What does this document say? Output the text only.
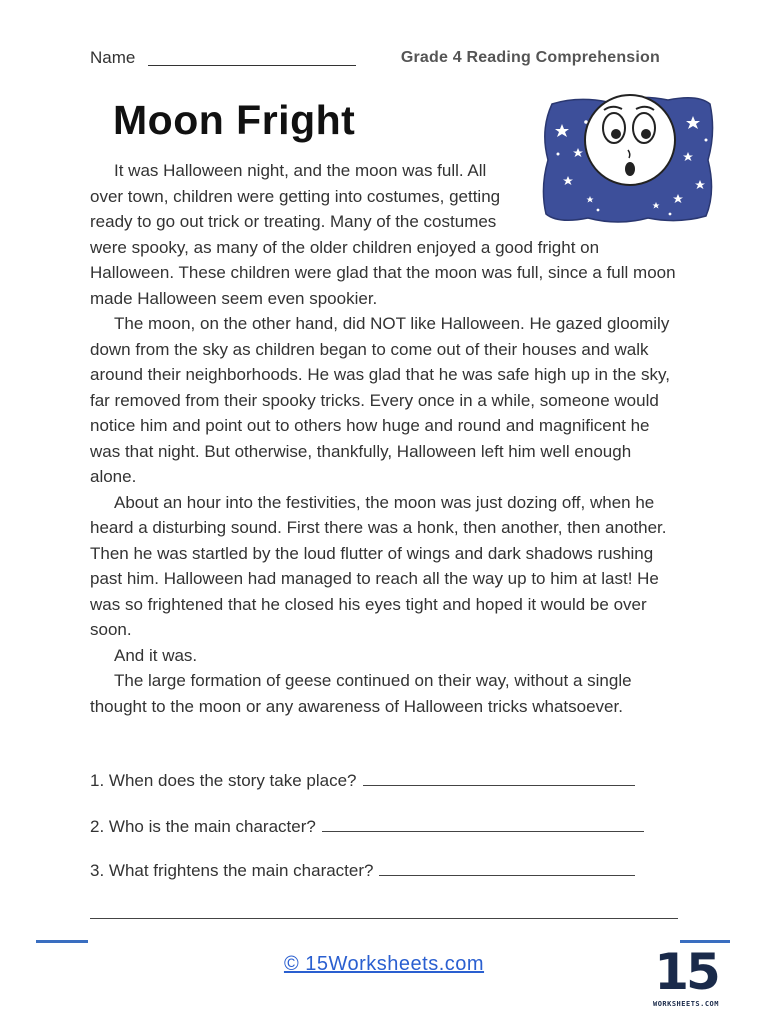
Name	Grade 4 Reading Comprehension
Moon Fright

It was Halloween night, and the moon was full. All over town, children were getting into costumes, getting ready to go out trick or treating. Many of the costumes were spooky, as many of the older children enjoyed a good fright on Halloween. These children were glad that the moon was full, since a full moon made Halloween seem even spookier.

The moon, on the other hand, did NOT like Halloween. He gazed gloomily down from the sky as children began to come out of their houses and walk around their neighborhoods. He was glad that he was safe high up in the sky, far removed from their spooky tricks. Every once in a while, someone would notice him and point out to others how huge and round and magnificent he was that night. But otherwise, thankfully, Halloween left him well enough alone.

About an hour into the festivities, the moon was just dozing off, when he heard a disturbing sound. First there was a honk, then another, then another. Then he was startled by the loud flutter of wings and dark shadows rushing past him. Halloween had managed to reach all the way up to him at last! He was so frightened that he closed his eyes tight and hoped it would be over soon.

And it was.

The large formation of geese continued on their way, without a single thought to the moon or any awareness of Halloween tricks whatsoever.

1. When does the story take place?
2. Who is the main character?
3. What frightens the main character?
© 15Worksheets.com	15
WORKSHEETS.COM
